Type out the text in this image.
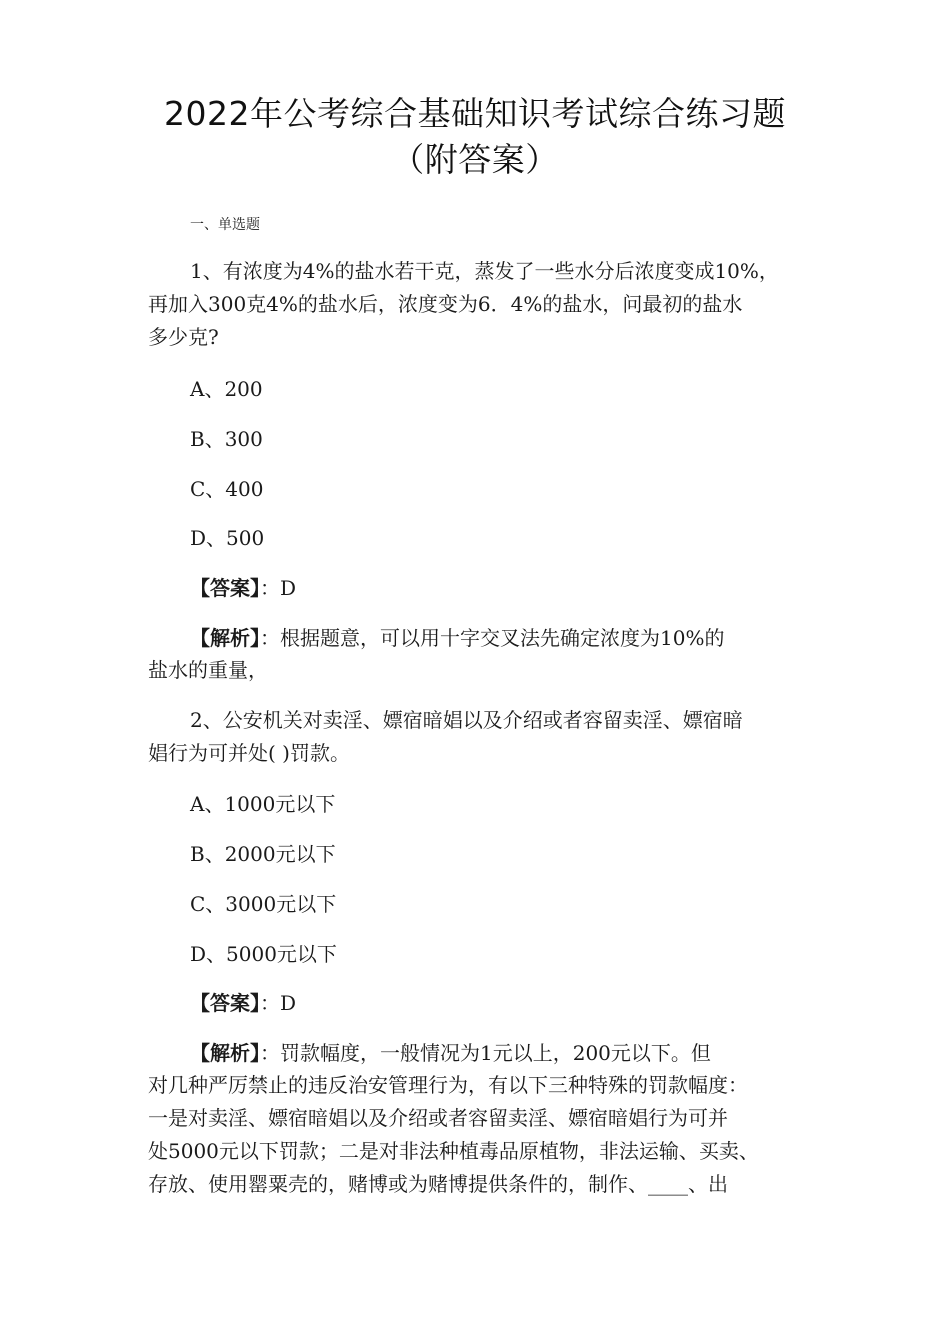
2022年公考综合基础知识考试综合练习题
（附答案）
一、单选题
1、有浓度为4%的盐水若干克，蒸发了一些水分后浓度变成10%，
再加入300克4%的盐水后，浓度变为6．4%的盐水，问最初的盐水
多少克?
A、200
B、300
C、400
D、500
【答案】：D
【解析】：根据题意，可以用十字交叉法先确定浓度为10%的
盐水的重量，
2、公安机关对卖淫、嫖宿暗娼以及介绍或者容留卖淫、嫖宿暗
娼行为可并处( )罚款。
A、1000元以下
B、2000元以下
C、3000元以下
D、5000元以下
【答案】：D
【解析】：罚款幅度，一般情况为1元以上，200元以下。但
对几种严厉禁止的违反治安管理行为，有以下三种特殊的罚款幅度：
一是对卖淫、嫖宿暗娼以及介绍或者容留卖淫、嫖宿暗娼行为可并
处5000元以下罚款；二是对非法种植毒品原植物，非法运输、买卖、
存放、使用罂粟壳的，赌博或为赌博提供条件的，制作、____、出
